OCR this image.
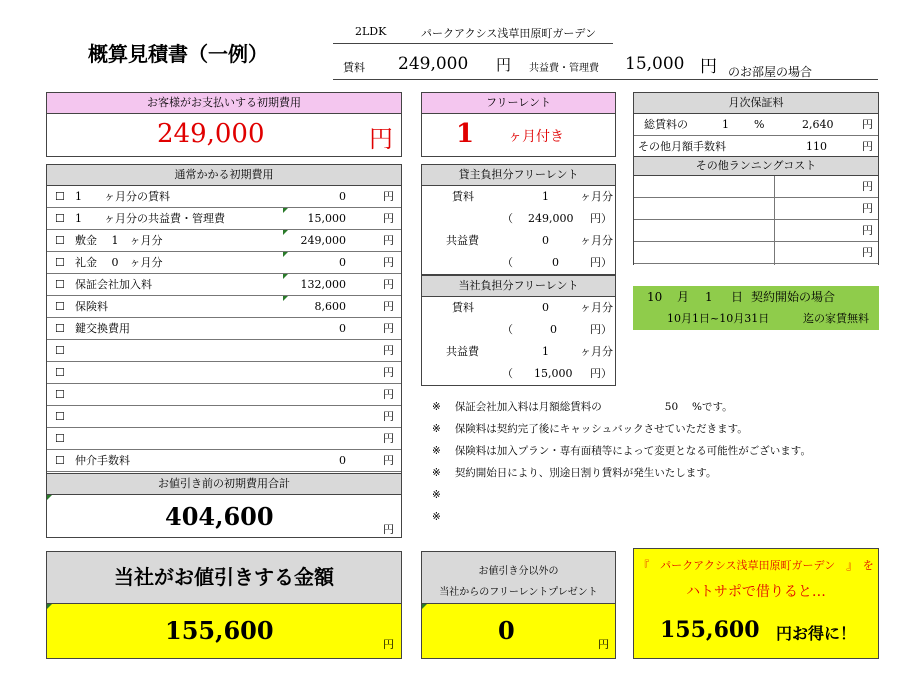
概算見積書（一例）
2LDK	パークアクシス浅草田原町ガーデン
賃料 249,000 円 共益費・管理費 15,000 円 のお部屋の場合
お客様がお支払いする初期費用
249,000	円
フリーレント
1 ヶ月付き
月次保証料
総賃料の	1 %	2,640	円
その他月額手数料	110	円
その他ランニングコスト
円
円
円
円
通常かかる初期費用
☐ 1　　ヶ月分の賃料	0	円
☐ 1　　ヶ月分の共益費・管理費	15,000	円
☐ 敷金　 1　ヶ月分	249,000	円
☐ 礼金　 0　ヶ月分	0	円
☐ 保証会社加入料	132,000	円
☐ 保険料	8,600	円
☐ 鍵交換費用	0	円
☐	円
☐	円
☐	円
☐	円
☐	円
☐ 仲介手数料	0	円
貸主負担分フリーレント
賃料	1	ヶ月分
（ 249,000 円）
共益費	0	ヶ月分
（	0	円）
当社負担分フリーレント
賃料	0	ヶ月分
（	0	円）
共益費	1	ヶ月分
（ 15,000 円）
10 月 1 日 契約開始の場合
10月1日~10月31日	迄の家賃無料
※ 保証会社加入料は月額総賃料の　　　　　　50　 %です。
※ 保険料は契約完了後にキャッシュバックさせていただきます。
※ 保険料は加入プラン・専有面積等によって変更となる可能性がございます。
※ 契約開始日により、別途日割り賃料が発生いたします。
※
※
お値引き前の初期費用合計
404,600	円
当社がお値引きする金額
155,600	円
お値引き分以外の
当社からのフリーレントプレゼント
0	円
『　パークアクシス浅草田原町ガーデン　』　を
ハトサポで借りると…
155,600 円お得に！
